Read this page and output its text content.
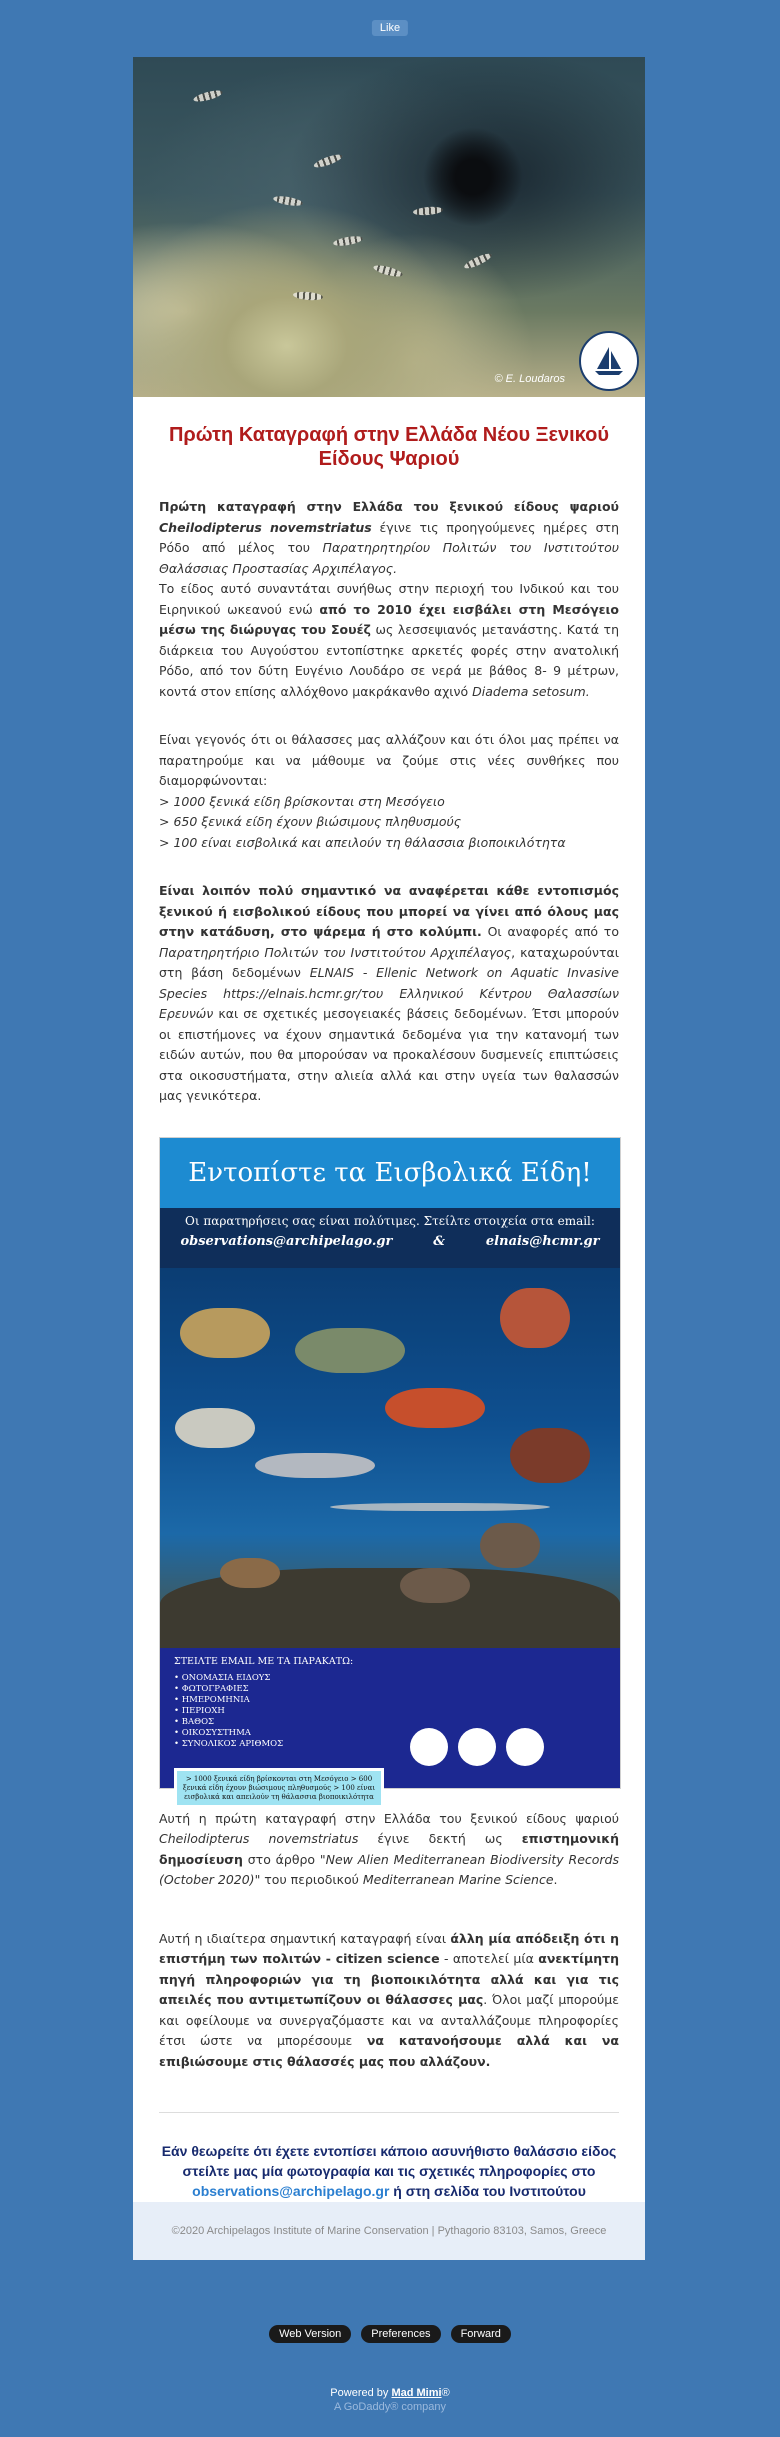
Like
© E. Loudaros
Πρώτη Καταγραφή στην Ελλάδα Νέου Ξενικού Είδους Ψαριού

Πρώτη καταγραφή στην Ελλάδα του ξενικού είδους ψαριού Cheilodipterus novemstriatus έγινε τις προηγούμενες ημέρες στη Ρόδο από μέλος του Παρατηρητηρίου Πολιτών του Ινστιτούτου Θαλάσσιας Προστασίας Αρχιπέλαγος.
Το είδος αυτό συναντάται συνήθως στην περιοχή του Ινδικού και του Ειρηνικού ωκεανού ενώ από το 2010 έχει εισβάλει στη Μεσόγειο μέσω της διώρυγας του Σουέζ ως λεσσεψιανός μετανάστης. Κατά τη διάρκεια του Αυγούστου εντοπίστηκε αρκετές φορές στην ανατολική Ρόδο, από τον δύτη Ευγένιο Λουδάρο σε νερά με βάθος 8- 9 μέτρων, κοντά στον επίσης αλλόχθονο μακράκανθο αχινό Diadema setosum.

Είναι γεγονός ότι οι θάλασσες μας αλλάζουν και ότι όλοι μας πρέπει να παρατηρούμε και να μάθουμε να ζούμε στις νέες συνθήκες που διαμορφώνονται:
> 1000 ξενικά είδη βρίσκονται στη Μεσόγειο
> 650 ξενικά είδη έχουν βιώσιμους πληθυσμούς
> 100 είναι εισβολικά και απειλούν τη θάλασσια βιοποικιλότητα

Είναι λοιπόν πολύ σημαντικό να αναφέρεται κάθε εντοπισμός ξενικού ή εισβολικού είδους που μπορεί να γίνει από όλους μας στην κατάδυση, στο ψάρεμα ή στο κολύμπι. Οι αναφορές από το Παρατηρητήριο Πολιτών του Ινστιτούτου Αρχιπέλαγος, καταχωρούνται στη βάση δεδομένων ELNAIS - Ellenic Network on Aquatic Invasive Species https://elnais.hcmr.gr/του Ελληνικού Κέντρου Θαλασσίων Ερευνών και σε σχετικές μεσογειακές βάσεις δεδομένων. Έτσι μπορούν οι επιστήμονες να έχουν σημαντικά δεδομένα για την κατανομή των ειδών αυτών, που θα μπορούσαν να προκαλέσουν δυσμενείς επιπτώσεις στα οικοσυστήματα, στην αλιεία αλλά και στην υγεία των θαλασσών μας γενικότερα.

Εντοπίστε τα Εισβολικά Είδη!
Οι παρατηρήσεις σας είναι πολύτιμες. Στείλτε στοιχεία στα email:
observations@archipelago.gr	&	elnais@hcmr.gr
ΣΤΕΙΛΤΕ EMAIL ΜΕ ΤΑ ΠΑΡΑΚΑΤΩ:
• ΟΝΟΜΑΣΙΑ ΕΙΔΟΥΣ
• ΦΩΤΟΓΡΑΦΙΕΣ
• ΗΜΕΡΟΜΗΝΙΑ
• ΠΕΡΙΟΧΗ
• ΒΑΘΟΣ
• ΟΙΚΟΣΥΣΤΗΜΑ
• ΣΥΝΟΛΙΚΟΣ ΑΡΙΘΜΟΣ
> 1000 ξενικά είδη βρίσκονται στη Μεσόγειο > 600 ξενικά είδη έχουν βιώσιμους πληθυσμούς > 100 είναι εισβολικά και απειλούν τη θάλασσια βιοποικιλότητα

Αυτή η πρώτη καταγραφή στην Ελλάδα του ξενικού είδους ψαριού Cheilodipterus novemstriatus έγινε δεκτή ως επιστημονική δημοσίευση στο άρθρο "New Alien Mediterranean Biodiversity Records (October 2020)" του περιοδικού Mediterranean Marine Science.

Αυτή η ιδιαίτερα σημαντική καταγραφή είναι άλλη μία απόδειξη ότι η επιστήμη των πολιτών - citizen science - αποτελεί μία ανεκτίμητη πηγή πληροφοριών για τη βιοποικιλότητα αλλά και για τις απειλές που αντιμετωπίζουν οι θάλασσες μας. Όλοι μαζί μπορούμε και οφείλουμε να συνεργαζόμαστε και να ανταλλάζουμε πληροφορίες έτσι ώστε να μπορέσουμε να κατανοήσουμε αλλά και να επιβιώσουμε στις θάλασσές μας που αλλάζουν.

Εάν θεωρείτε ότι έχετε εντοπίσει κάποιο ασυνήθιστο θαλάσσιο είδος στείλτε μας μία φωτογραφία και τις σχετικές πληροφορίες στο observations@archipelago.gr ή στη σελίδα του Ινστιτούτου
©2020 Archipelagos Institute of Marine Conservation | Pythagorio 83103, Samos, Greece
Web Version	Preferences	Forward
Powered by Mad Mimi®
A GoDaddy® company
